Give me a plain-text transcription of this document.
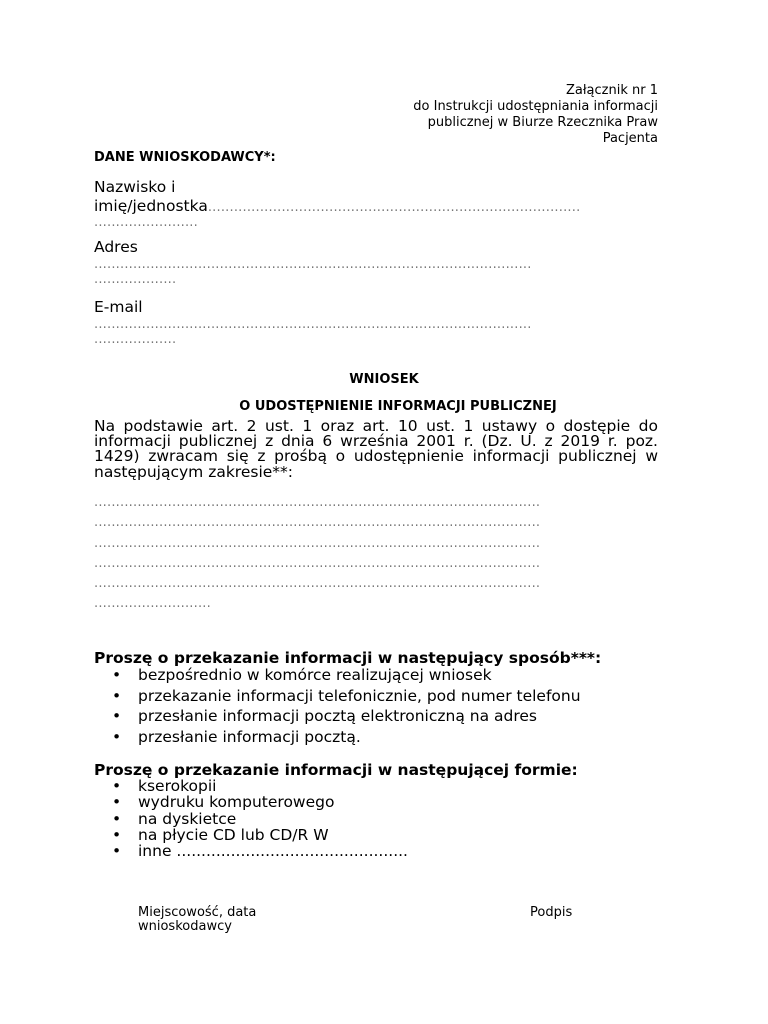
Załącznik nr 1
do Instrukcji udostępniania informacji
publicznej w Biurze Rzecznika Praw
Pacjenta
DANE WNIOSKODAWCY*:
Nazwisko i
imię/jednostka......................................................................................
........................
Adres
.....................................................................................................
...................
E-mail
.....................................................................................................
...................
WNIOSEK
O UDOSTĘPNIENIE INFORMACJI PUBLICZNEJ
Na podstawie art. 2 ust. 1 oraz art. 10 ust. 1 ustawy o dostępie do informacji publicznej z dnia 6 września 2001 r. (Dz. U. z 2019 r. poz. 1429) zwracam się z prośbą o udostępnienie informacji publicznej w następującym zakresie**:
.......................................................................................................
.......................................................................................................
.......................................................................................................
.......................................................................................................
.......................................................................................................
...........................
Proszę o przekazanie informacji w następujący sposób***:
• bezpośrednio w komórce realizującej wniosek
• przekazanie informacji telefonicznie, pod numer telefonu
• przesłanie informacji pocztą elektroniczną na adres
• przesłanie informacji pocztą.
Proszę o przekazanie informacji w następującej formie:
• kserokopii
• wydruku komputerowego
• na dyskietce
• na płycie CD lub CD/R W
• inne ...............................................
Miejscowość, data
wnioskodawcy
Podpis
